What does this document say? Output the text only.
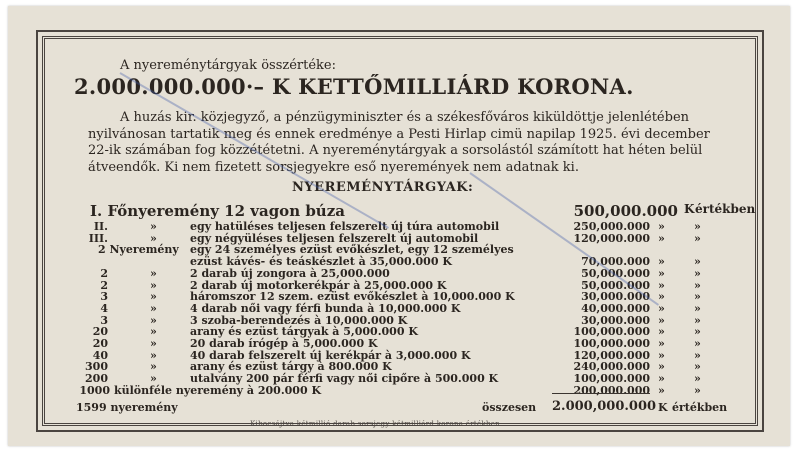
A nyereménytárgyak összértéke:
2.000.000.000·– K KETTŐMILLIÁRD KORONA.
A huzás kir. közjegyző, a pénzügyminiszter és a székesfőváros kiküldöttje jelenlétében
nyilvánosan tartatik meg és ennek eredménye a Pesti Hirlap cimü napilap 1925. évi december
22-ik számában fog közzététetni. A nyereménytárgyak a sorsolástól számított hat héten belül
átveendők. Ki nem fizetett sorsjegyekre eső nyeremények nem adatnak ki.
NYEREMÉNYTÁRGYAK:
I. Főnyeremény 12 vagon búza	500,000.000 K értékben
II.	»	egy hatüléses teljesen felszerelt új túra automobil	250,000.000 »	»
III.	»	egy négyüléses teljesen felszerelt új automobil	120,000.000 »	»
2 Nyeremény egy 24 személyes ezüst evőkészlet, egy 12 személyes
ezüst kávés- és teáskészlet à 35,000.000 K	70,000.000 »	»
2	»	2 darab új zongora à 25,000.000	50,000.000 »	»
2	»	2 darab új motorkerékpár à 25,000.000 K	50,000.000 »	»
3	»	háromszor 12 szem. ezüst evőkészlet à 10,000.000 K	30,000.000 »	»
4	»	4 darab női vagy férfi bunda à 10,000.000 K	40,000.000 »	»
3	»	3 szoba-berendezés à 10,000.000 K	30,000.000 »	»
20	»	arany és ezüst tárgyak à 5,000.000 K	100,000.000 »	»
20	»	20 darab írógép à 5,000.000 K	100,000.000 »	»
40	»	40 darab felszerelt új kerékpár à 3,000.000 K	120,000.000 »	»
300	»	arany és ezüst tárgy à 800.000 K	240,000.000 »	»
200	»	utalvány 200 pár férfi vagy női cipőre à 500.000 K	100,000.000 »	»
1000 különféle nyeremény à 200.000 K	200,000.000 »	»
1599 nyeremény	összesen 2.000,000.000 K értékben
Kibocsájtva kétmillió darab sorsjegy kétmilliárd korona értékben.
